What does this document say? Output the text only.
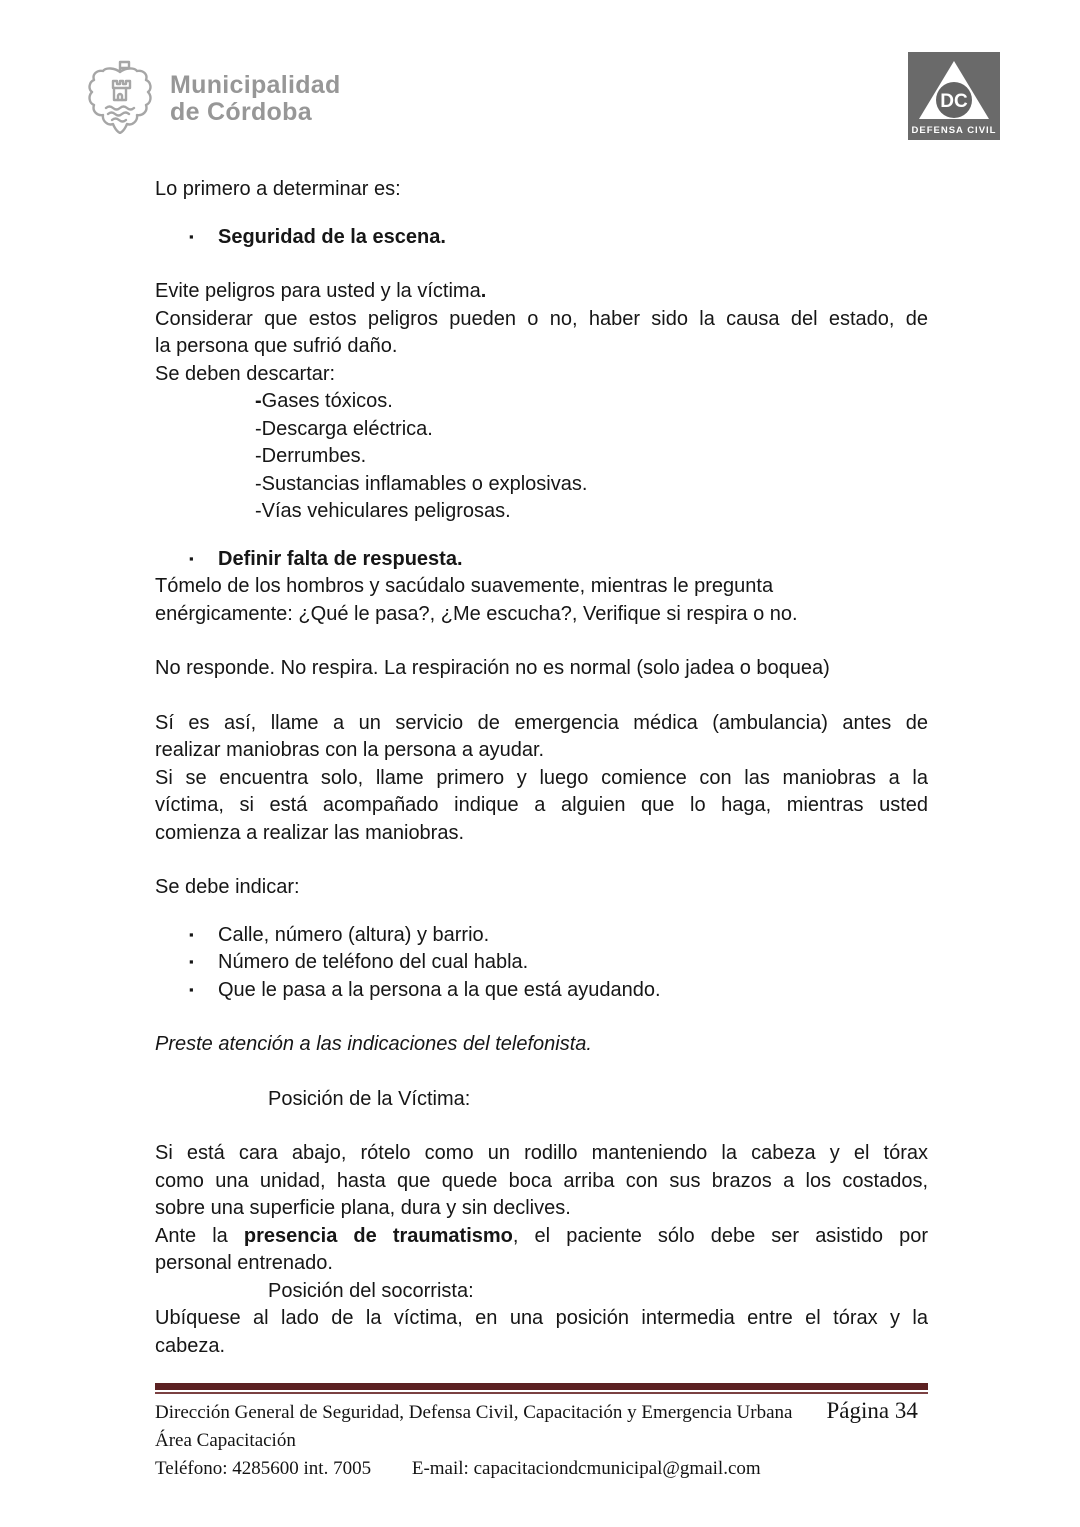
Municipalidad
de Córdoba	DC
DEFENSA CIVIL
Lo primero a determinar es:
▪ Seguridad de la escena.
Evite peligros para usted y la víctima.
Considerar que estos peligros pueden o no, haber sido la causa del estado, de
la persona que sufrió daño.
Se deben descartar:
-Gases tóxicos.
-Descarga eléctrica.
-Derrumbes.
-Sustancias inflamables o explosivas.
-Vías vehiculares peligrosas.
▪ Definir falta de respuesta.
Tómelo de los hombros y sacúdalo suavemente, mientras le pregunta
enérgicamente: ¿Qué le pasa?, ¿Me escucha?, Verifique si respira o no.
No responde. No respira. La respiración no es normal (solo jadea o boquea)
Sí es así, llame a un servicio de emergencia médica (ambulancia) antes de
realizar maniobras con la persona a ayudar.
Si se encuentra solo, llame primero y luego comience con las maniobras a la
víctima, si está acompañado indique a alguien que lo haga, mientras usted
comienza a realizar las maniobras.
Se debe indicar:
▪ Calle, número (altura) y barrio.
▪ Número de teléfono del cual habla.
▪ Que le pasa a la persona a la que está ayudando.
Preste atención a las indicaciones del telefonista.
Posición de la Víctima:
Si está cara abajo, rótelo como un rodillo manteniendo la cabeza y el tórax
como una unidad, hasta que quede boca arriba con sus brazos a los costados,
sobre una superficie plana, dura y sin declives.
Ante la presencia de traumatismo, el paciente sólo debe ser asistido por
personal entrenado.
Posición del socorrista:
Ubíquese al lado de la víctima, en una posición intermedia entre el tórax y la
cabeza.
Dirección General de Seguridad, Defensa Civil, Capacitación y Emergencia Urbana Página 34
Área Capacitación
Teléfono: 4285600 int. 7005 E-mail: capacitaciondcmunicipal@gmail.com
